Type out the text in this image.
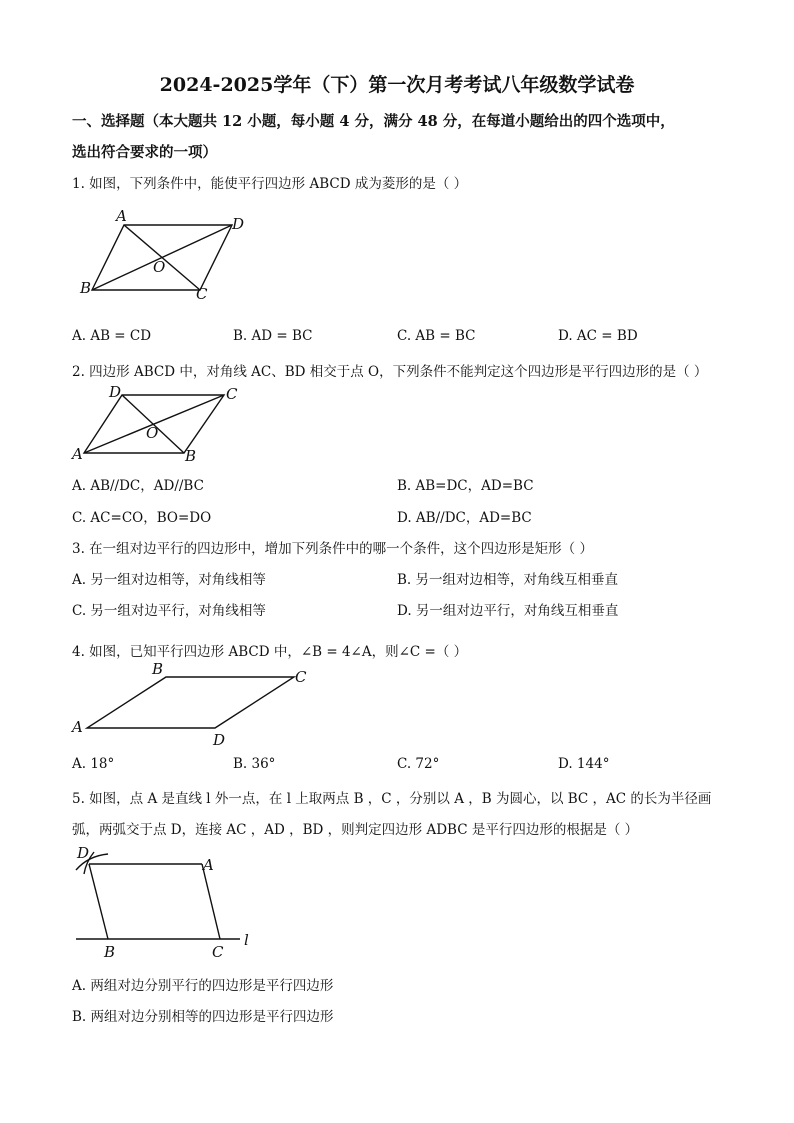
2024-2025学年（下）第一次月考考试八年级数学试卷
一、选择题（本大题共 12 小题，每小题 4 分，满分 48 分，在每道小题给出的四个选项中，
选出符合要求的一项）
1. 如图，下列条件中，能使平行四边形 ABCD 成为菱形的是（ ）
A	D
O
B	C
A. AB = CD	B. AD = BC	C. AB = BC	D. AC = BD
2. 四边形 ABCD 中，对角线 AC、BD 相交于点 O，下列条件不能判定这个四边形是平行四边形的是（ ）
D	C
O
A	B
A. AB//DC，AD//BC	B. AB=DC，AD=BC
C. AC=CO，BO=DO	D. AB//DC，AD=BC
3. 在一组对边平行的四边形中，增加下列条件中的哪一个条件，这个四边形是矩形（ ）
A. 另一组对边相等，对角线相等	B. 另一组对边相等，对角线互相垂直
C. 另一组对边平行，对角线相等	D. 另一组对边平行，对角线互相垂直
4. 如图，已知平行四边形 ABCD 中，∠B = 4∠A，则∠C =（ ）
B	C
A
D
A. 18°	B. 36°	C. 72°	D. 144°
5. 如图，点 A 是直线 l 外一点，在 l 上取两点 B ，C ，分别以 A ，B 为圆心，以 BC ，AC 的长为半径画
弧，两弧交于点 D，连接 AC ，AD ，BD ，则判定四边形 ADBC 是平行四边形的根据是（ ）
D
A
B	C
l
A. 两组对边分别平行的四边形是平行四边形
B. 两组对边分别相等的四边形是平行四边形
